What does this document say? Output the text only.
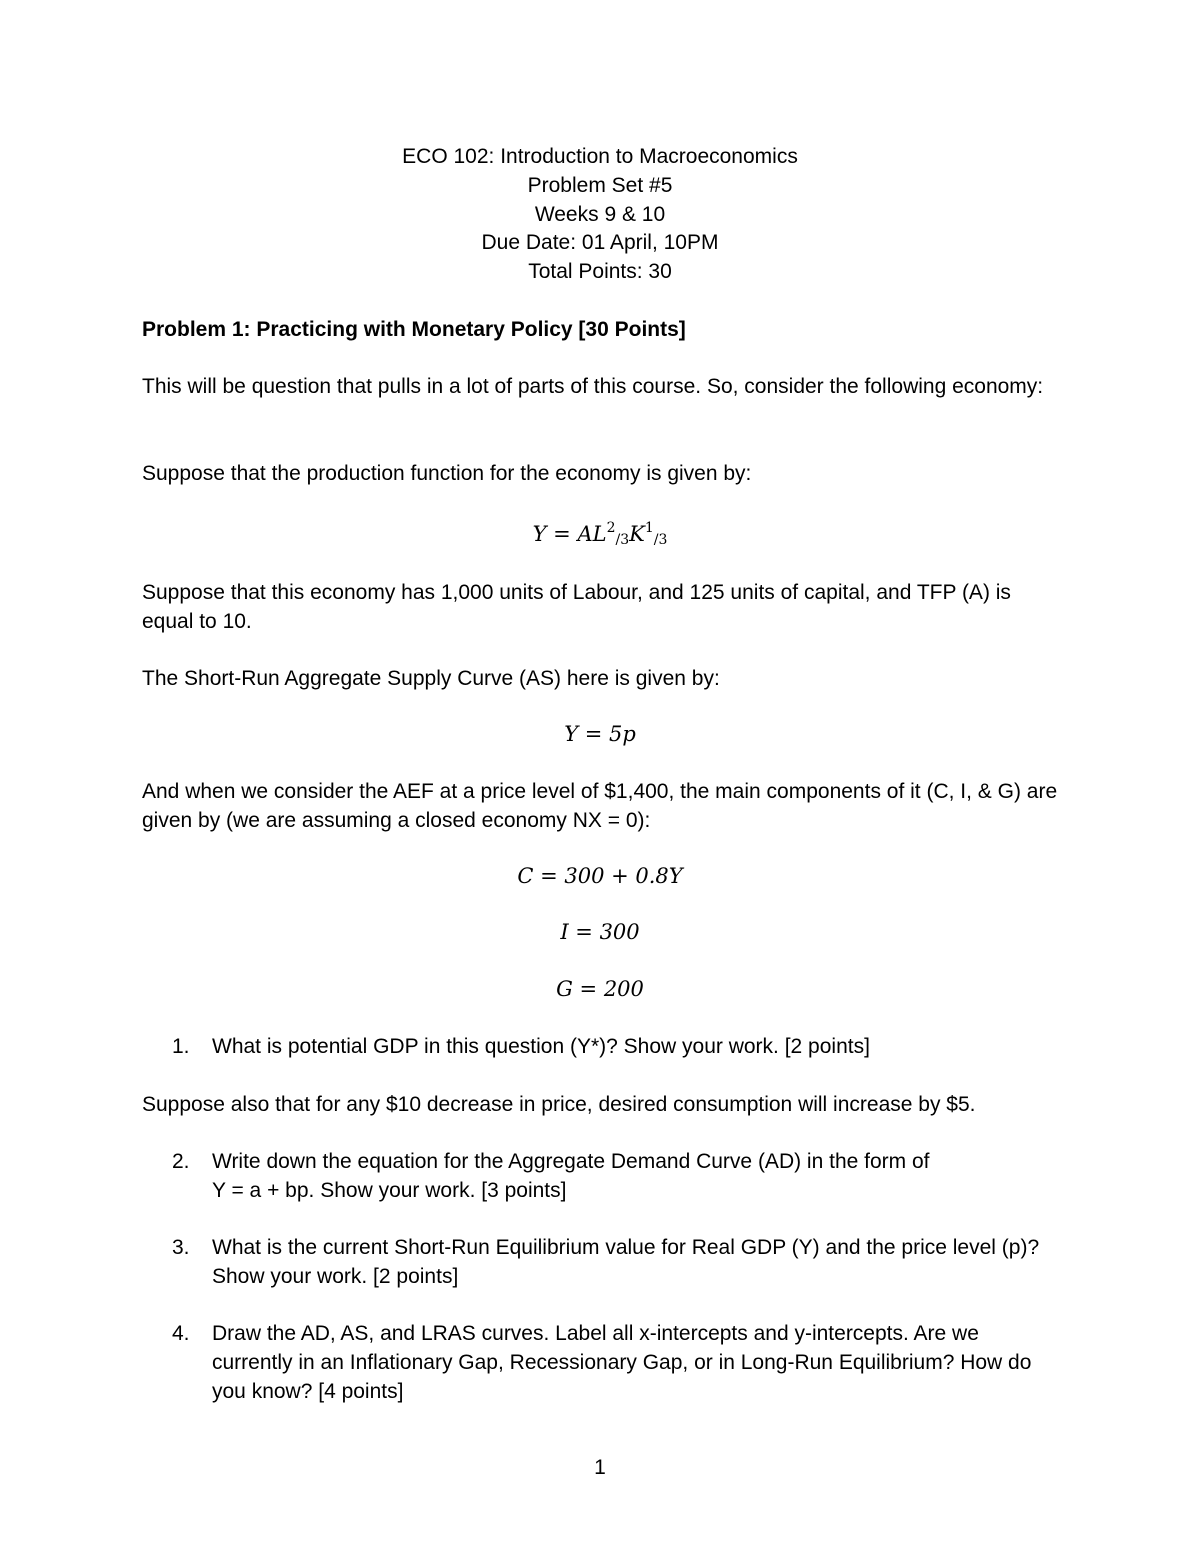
ECO 102: Introduction to Macroeconomics
Problem Set #5
Weeks 9 & 10
Due Date: 01 April, 10PM
Total Points: 30
Problem 1: Practicing with Monetary Policy [30 Points]
This will be question that pulls in a lot of parts of this course. So, consider the following economy:
Suppose that the production function for the economy is given by:
$Y = AL^2/3K^1/3$
Suppose that this economy has 1,000 units of Labour, and 125 units of capital, and TFP (A) is equal to 10.
The Short-Run Aggregate Supply Curve (AS) here is given by:
Y = 5p
And when we consider the AEF at a price level of $1,400, the main components of it (C, I, & G) are given by (we are assuming a closed economy NX = 0):
C = 300 + 0.8Y
I = 300
G = 200
1.	What is potential GDP in this question (Y*)? Show your work. [2 points]
Suppose also that for any $10 decrease in price, desired consumption will increase by $5.
2.	Write down the equation for the Aggregate Demand Curve (AD) in the form of
Y = a + bp. Show your work. [3 points]
3.	What is the current Short-Run Equilibrium value for Real GDP (Y) and the price level (p)? Show your work. [2 points]
4.	Draw the AD, AS, and LRAS curves. Label all x-intercepts and y-intercepts. Are we currently in an Inflationary Gap, Recessionary Gap, or in Long-Run Equilibrium? How do you know? [4 points]
1
